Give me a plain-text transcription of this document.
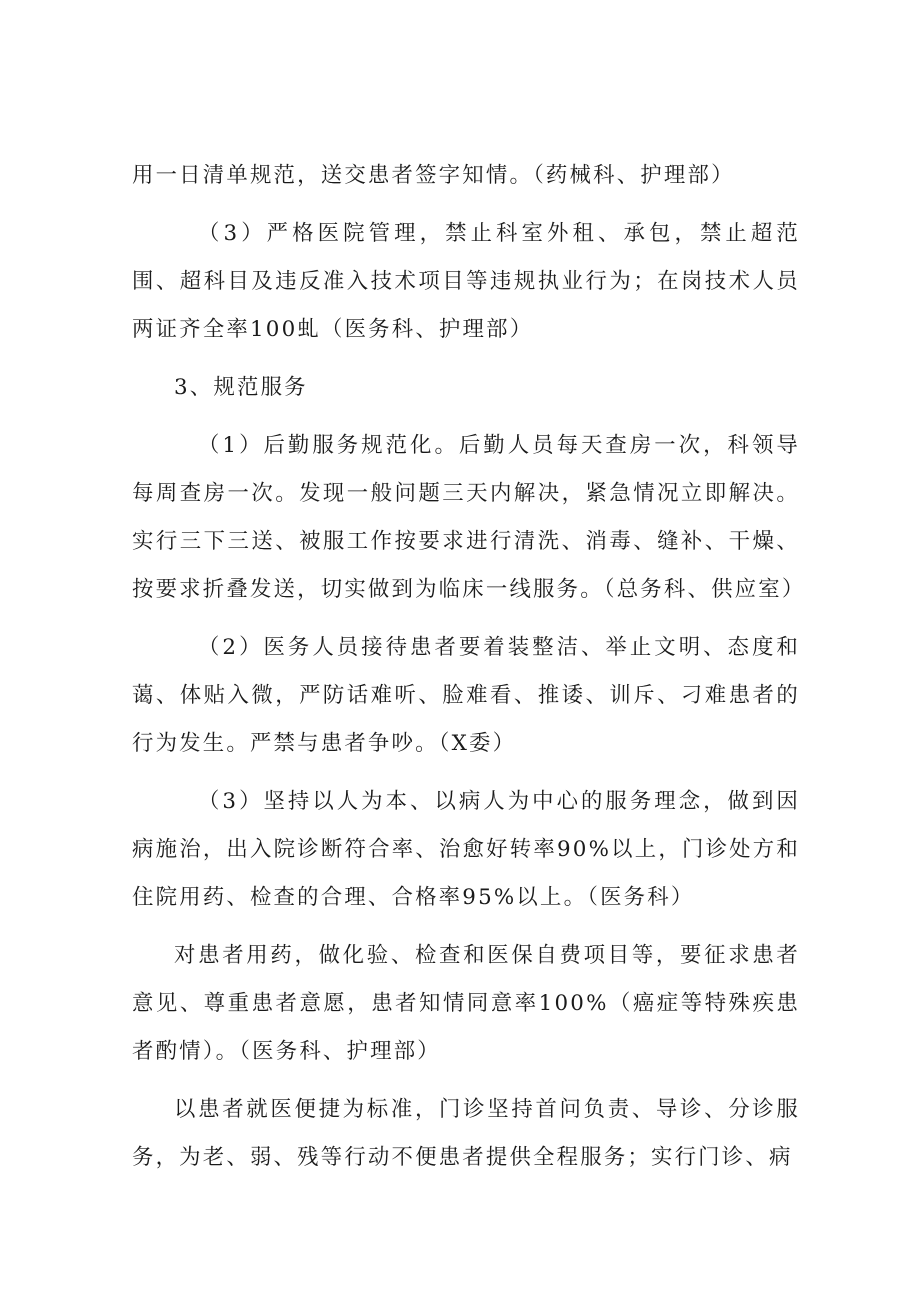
用一日清单规范，送交患者签字知情。（药械科、护理部）

（3）严格医院管理，禁止科室外租、承包，禁止超范围、超科目及违反准入技术项目等违规执业行为；在岗技术人员两证齐全率100虬（医务科、护理部）

3、规范服务

（1）后勤服务规范化。后勤人员每天查房一次，科领导每周查房一次。发现一般问题三天内解决，紧急情况立即解决。实行三下三送、被服工作按要求进行清洗、消毒、缝补、干燥、按要求折叠发送，切实做到为临床一线服务。（总务科、供应室）

（2）医务人员接待患者要着装整洁、举止文明、态度和蔼、体贴入微，严防话难听、脸难看、推诿、训斥、刁难患者的行为发生。严禁与患者争吵。（X委）

（3）坚持以人为本、以病人为中心的服务理念，做到因病施治，出入院诊断符合率、治愈好转率90%以上，门诊处方和住院用药、检查的合理、合格率95%以上。（医务科）

对患者用药，做化验、检查和医保自费项目等，要征求患者意见、尊重患者意愿，患者知情同意率100%（癌症等特殊疾患者酌情）。（医务科、护理部）

以患者就医便捷为标准，门诊坚持首问负责、导诊、分诊服务，为老、弱、残等行动不便患者提供全程服务；实行门诊、病
